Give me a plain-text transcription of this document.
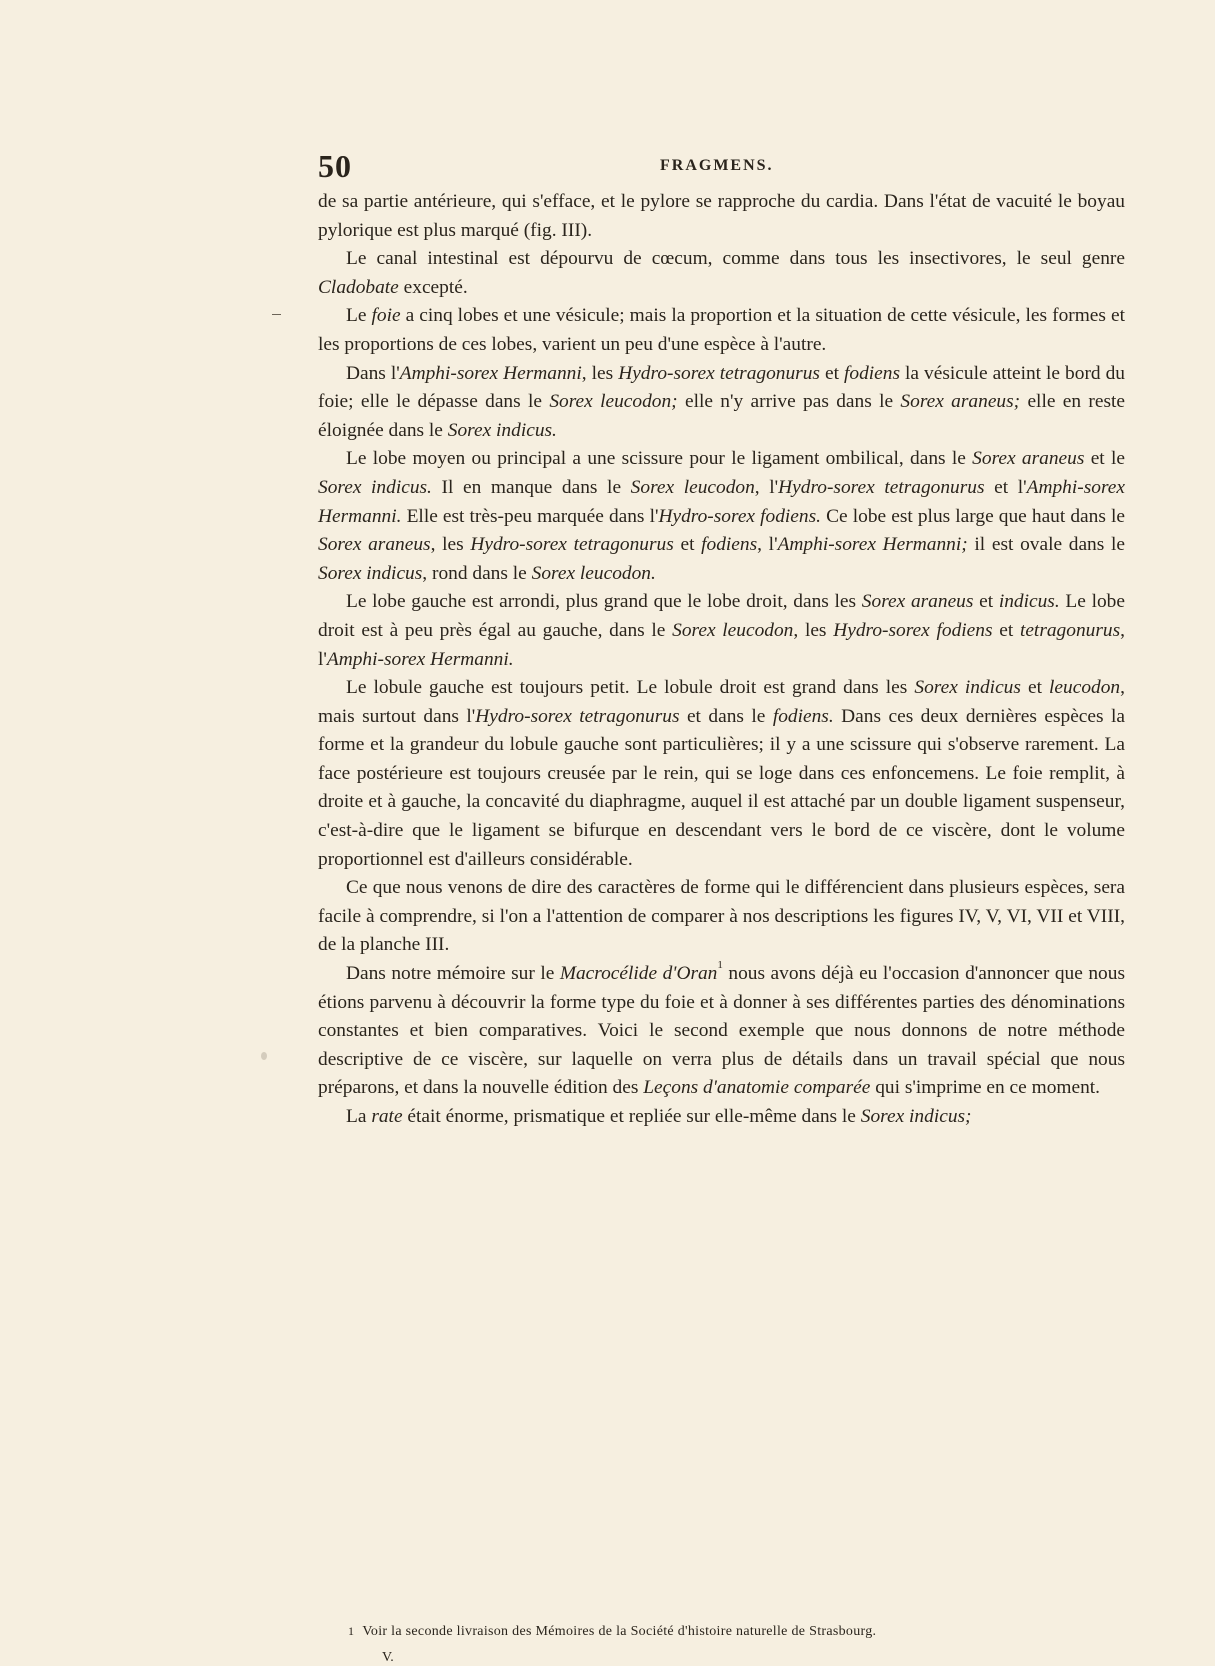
50	FRAGMENS.

de sa partie antérieure, qui s'efface, et le pylore se rapproche du cardia. Dans l'état de vacuité le boyau pylorique est plus marqué (fig. III).

Le canal intestinal est dépourvu de cœcum, comme dans tous les insectivores, le seul genre Cladobate excepté.

Le foie a cinq lobes et une vésicule; mais la proportion et la situation de cette vésicule, les formes et les proportions de ces lobes, varient un peu d'une espèce à l'autre.

Dans l'Amphi-sorex Hermanni, les Hydro-sorex tetragonurus et fodiens la vésicule atteint le bord du foie; elle le dépasse dans le Sorex leucodon; elle n'y arrive pas dans le Sorex araneus; elle en reste éloignée dans le Sorex indicus.

Le lobe moyen ou principal a une scissure pour le ligament ombilical, dans le Sorex araneus et le Sorex indicus. Il en manque dans le Sorex leucodon, l'Hydro-sorex tetragonurus et l'Amphi-sorex Hermanni. Elle est très-peu marquée dans l'Hydro-sorex fodiens. Ce lobe est plus large que haut dans le Sorex araneus, les Hydro-sorex tetragonurus et fodiens, l'Amphi-sorex Hermanni; il est ovale dans le Sorex indicus, rond dans le Sorex leucodon.

Le lobe gauche est arrondi, plus grand que le lobe droit, dans les Sorex araneus et indicus. Le lobe droit est à peu près égal au gauche, dans le Sorex leucodon, les Hydro-sorex fodiens et tetragonurus, l'Amphi-sorex Hermanni.

Le lobule gauche est toujours petit. Le lobule droit est grand dans les Sorex indicus et leucodon, mais surtout dans l'Hydro-sorex tetragonurus et dans le fodiens. Dans ces deux dernières espèces la forme et la grandeur du lobule gauche sont particulières; il y a une scissure qui s'observe rarement. La face postérieure est toujours creusée par le rein, qui se loge dans ces enfoncemens. Le foie remplit, à droite et à gauche, la concavité du diaphragme, auquel il est attaché par un double ligament suspenseur, c'est-à-dire que le ligament se bifurque en descendant vers le bord de ce viscère, dont le volume proportionnel est d'ailleurs considérable.

Ce que nous venons de dire des caractères de forme qui le différencient dans plusieurs espèces, sera facile à comprendre, si l'on a l'attention de comparer à nos descriptions les figures IV, V, VI, VII et VIII, de la planche III.

Dans notre mémoire sur le Macrocélide d'Oran$^1$ nous avons déjà eu l'occasion d'annoncer que nous étions parvenu à découvrir la forme type du foie et à donner à ses différentes parties des dénominations constantes et bien comparatives. Voici le second exemple que nous donnons de notre méthode descriptive de ce viscère, sur laquelle on verra plus de détails dans un travail spécial que nous préparons, et dans la nouvelle édition des Leçons d'anatomie comparée qui s'imprime en ce moment.

La rate était énorme, prismatique et repliée sur elle-même dans le Sorex indicus;

1 Voir la seconde livraison des Mémoires de la Société d'histoire naturelle de Strasbourg.
V.
